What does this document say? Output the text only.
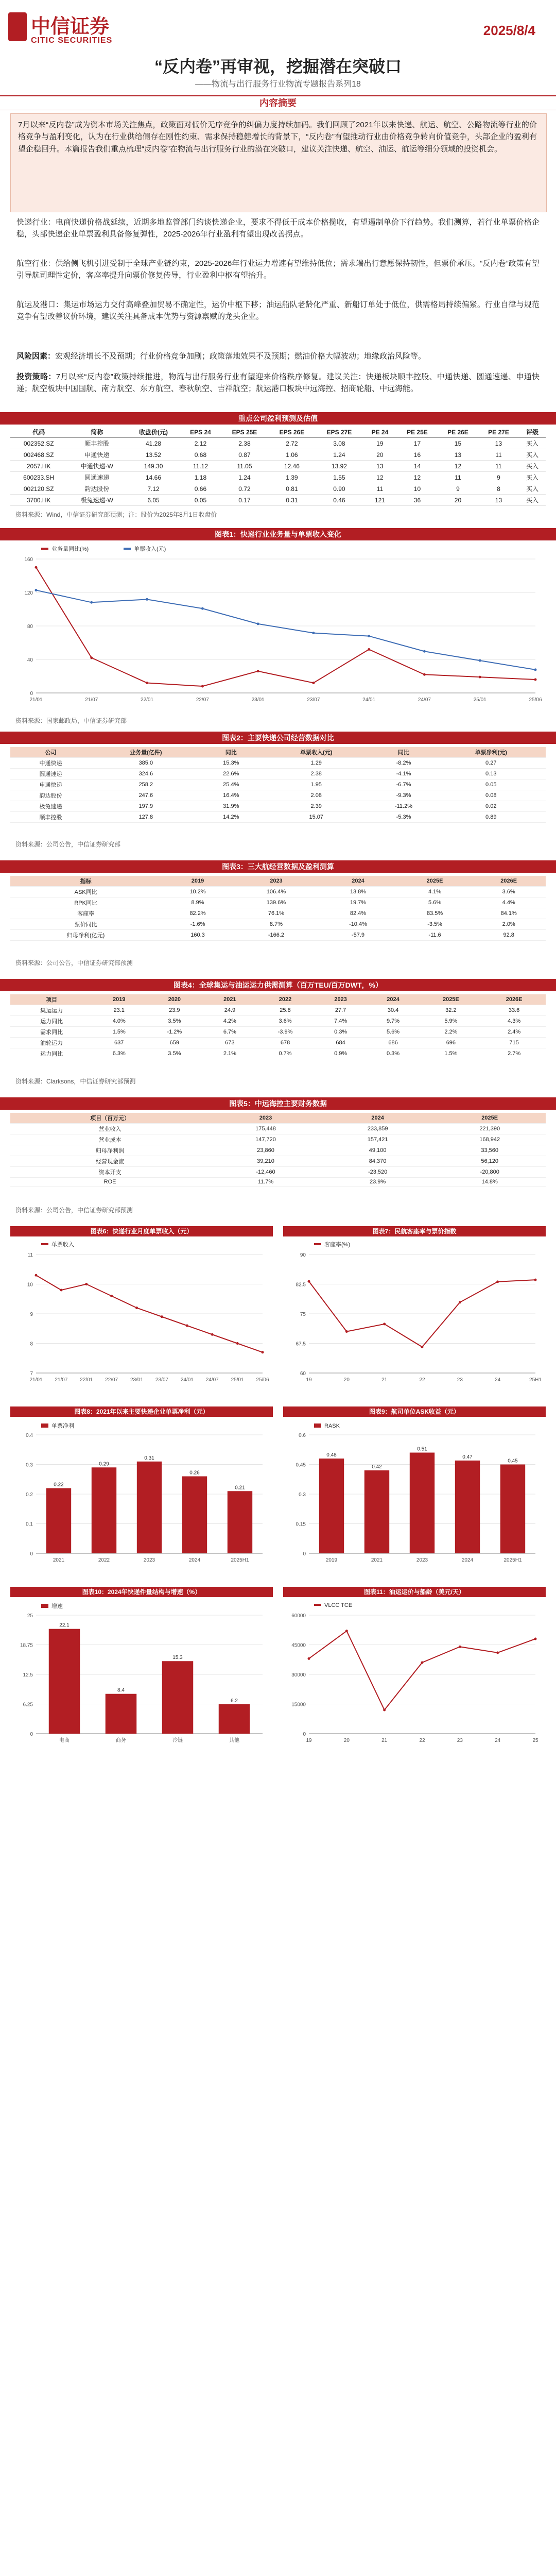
中信证券
CITIC SECURITIES
2025/8/4
“反内卷”再审视，挖掘潜在突破口
——物流与出行服务行业物流专题报告系列18
内容摘要
7月以来“反内卷”成为资本市场关注焦点，政策面对低价无序竞争的纠偏力度持续加码。我们回顾了2021年以来快递、航运、航空、公路物流等行业的价格竞争与盈利变化，认为在行业供给侧存在刚性约束、需求保持稳健增长的背景下，“反内卷”有望推动行业由价格竞争转向价值竞争，头部企业的盈利有望企稳回升。本篇报告我们重点梳理“反内卷”在物流与出行服务行业的潜在突破口，建议关注快递、航空、油运、航运等细分领域的投资机会。
快递行业：电商快递价格战延续，近期多地监管部门约谈快递企业，要求不得低于成本价格揽收，有望遏制单价下行趋势。我们测算，若行业单票价格企稳，头部快递企业单票盈利具备修复弹性，2025-2026年行业盈利有望出现改善拐点。
航空行业：供给侧飞机引进受制于全球产业链约束，2025-2026年行业运力增速有望维持低位；需求端出行意愿保持韧性，但票价承压。“反内卷”政策有望引导航司理性定价，客座率提升向票价修复传导，行业盈利中枢有望抬升。
航运及港口：集运市场运力交付高峰叠加贸易不确定性，运价中枢下移；油运船队老龄化严重、新船订单处于低位，供需格局持续偏紧。行业自律与规范竞争有望改善议价环境，建议关注具备成本优势与资源禀赋的龙头企业。
风险因素：宏观经济增长不及预期；行业价格竞争加剧；政策落地效果不及预期；燃油价格大幅波动；地缘政治风险等。
投资策略：7月以来“反内卷”政策持续推进，物流与出行服务行业有望迎来价格秩序修复。建议关注：快递板块顺丰控股、中通快递、圆通速递、申通快递；航空板块中国国航、南方航空、东方航空、春秋航空、吉祥航空；航运港口板块中远海控、招商轮船、中远海能。
重点公司盈利预测及估值
代码	简称	收盘价(元)	EPS 24	EPS 25E	EPS 26E	EPS 27E	PE 24	PE 25E	PE 26E	PE 27E	评级
002352.SZ	顺丰控股	41.28	2.12	2.38	2.72	3.08	19	17	15	13	买入
002468.SZ	申通快递	13.52	0.68	0.87	1.06	1.24	20	16	13	11	买入
2057.HK	中通快递-W	149.30	11.12	11.05	12.46	13.92	13	14	12	11	买入
600233.SH	圆通速递	14.66	1.18	1.24	1.39	1.55	12	12	11	9	买入
002120.SZ	韵达股份	7.12	0.66	0.72	0.81	0.90	11	10	9	8	买入
3700.HK	极兔速递-W	6.05	0.05	0.17	0.31	0.46	121	36	20	13	买入
资料来源：Wind，中信证券研究部预测；注：股价为2025年8月1日收盘价
图表1：快递行业业务量与单票收入变化
0
40
80
120
160
21/01	21/07	22/01	22/07	23/01	23/07	24/01	24/07	25/01	25/06
业务量同比(%)	单票收入(元)
资料来源：国家邮政局，中信证券研究部
图表2：主要快递公司经营数据对比
公司	业务量(亿件)	同比	单票收入(元)	同比	单票净利(元)
中通快递	385.0	15.3%	1.29	-8.2%	0.27
圆通速递	324.6	22.6%	2.38	-4.1%	0.13
申通快递	258.2	25.4%	1.95	-6.7%	0.05
韵达股份	247.6	16.4%	2.08	-9.3%	0.08
极兔速递	197.9	31.9%	2.39	-11.2%	0.02
顺丰控股	127.8	14.2%	15.07	-5.3%	0.89
资料来源：公司公告，中信证券研究部
图表3：三大航经营数据及盈利测算
指标	2019	2023	2024	2025E	2026E
ASK同比	10.2%	106.4%	13.8%	4.1%	3.6%
RPK同比	8.9%	139.6%	19.7%	5.6%	4.4%
客座率	82.2%	76.1%	82.4%	83.5%	84.1%
票价同比	-1.6%	8.7%	-10.4%	-3.5%	2.0%
归母净利(亿元)	160.3	-166.2	-57.9	-11.6	92.8
资料来源：公司公告，中信证券研究部预测
图表4：全球集运与油运运力供需测算（百万TEU/百万DWT，%）
项目	2019	2020	2021	2022	2023	2024	2025E	2026E
集运运力	23.1	23.9	24.9	25.8	27.7	30.4	32.2	33.6
运力同比	4.0%	3.5%	4.2%	3.6%	7.4%	9.7%	5.9%	4.3%
需求同比	1.5%	-1.2%	6.7%	-3.9%	0.3%	5.6%	2.2%	2.4%
油轮运力	637	659	673	678	684	686	696	715
运力同比	6.3%	3.5%	2.1%	0.7%	0.9%	0.3%	1.5%	2.7%
资料来源：Clarksons，中信证券研究部预测
图表5：中远海控主要财务数据
项目（百万元）	2023	2024	2025E
营业收入	175,448	233,859	221,390
营业成本	147,720	157,421	168,942
归母净利润	23,860	49,100	33,560
经营现金流	39,210	84,370	56,120
资本开支	-12,460	-23,520	-20,800
ROE	11.7%	23.9%	14.8%
资料来源：公司公告，中信证券研究部预测
图表6：快递行业月度单票收入（元）	图表7：民航客座率与票价指数
7
8
9
10
11
21/01 21/07 22/01 22/07 23/01 23/07 24/01 24/07 25/01 25/06
单票收入
60
67.5
75
82.5
90
19	20	21	22	23	24	25H1
客座率(%)
图表8：2021年以来主要快递企业单票净利（元）	图表9：航司单位ASK收益（元）
0
0.1
0.2
0.3
0.4
0.22
2021
0.29
2022
0.31
2023
0.26
2024
0.21
2025H1
单票净利
0
0.15
0.3
0.45
0.6
0.48
2019
0.42
2021
0.51
2023
0.47
2024
0.45
2025H1
RASK
图表10：2024年快递件量结构与增速（%）	图表11：油运运价与船龄（美元/天）
0
6.25
12.5
18.75
25
22.1
电商
8.4
商务
15.3
冷链
6.2
其他
增速
0
15000
30000
45000
60000
19	20	21	22	23	24	25
VLCC TCE
